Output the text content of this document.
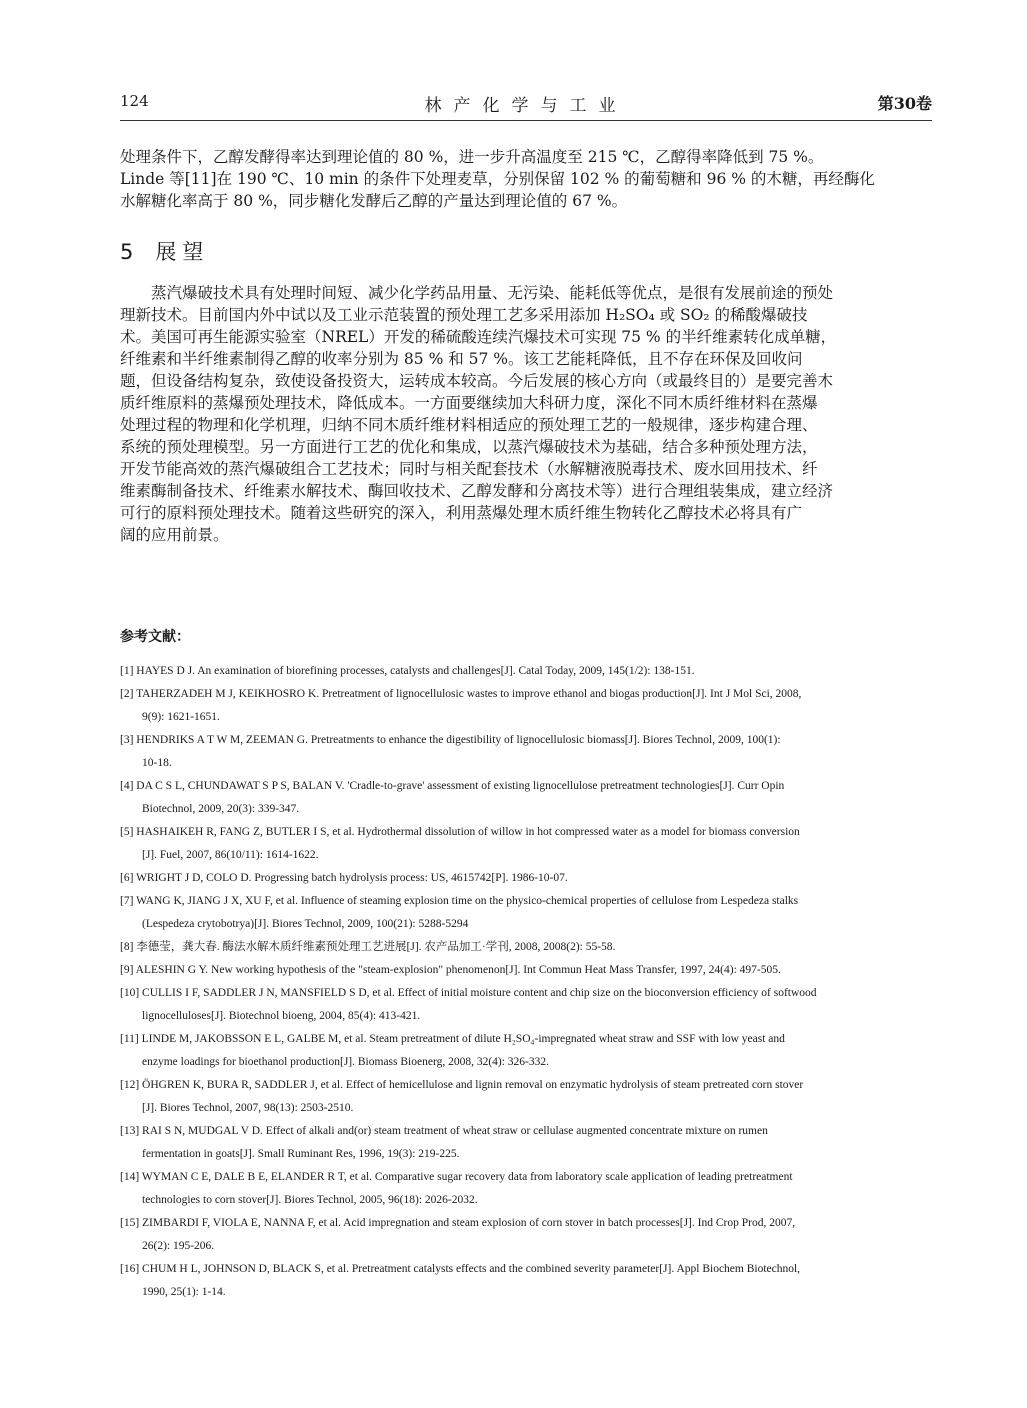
124	林产化学与工业	第30卷
处理条件下，乙醇发酵得率达到理论值的 80 %，进一步升高温度至 215 ℃，乙醇得率降低到 75 %。
Linde 等[11]在 190 ℃、10 min 的条件下处理麦草，分别保留 102 % 的葡萄糖和 96 % 的木糖，再经酶化
水解糖化率高于 80 %，同步糖化发酵后乙醇的产量达到理论值的 67 %。
5 展望
蒸汽爆破技术具有处理时间短、减少化学药品用量、无污染、能耗低等优点，是很有发展前途的预处
理新技术。目前国内外中试以及工业示范装置的预处理工艺多采用添加 H₂SO₄ 或 SO₂ 的稀酸爆破技
术。美国可再生能源实验室（NREL）开发的稀硫酸连续汽爆技术可实现 75 % 的半纤维素转化成单糖，
纤维素和半纤维素制得乙醇的收率分别为 85 % 和 57 %。该工艺能耗降低，且不存在环保及回收问
题，但设备结构复杂，致使设备投资大，运转成本较高。今后发展的核心方向（或最终目的）是要完善木
质纤维原料的蒸爆预处理技术，降低成本。一方面要继续加大科研力度，深化不同木质纤维材料在蒸爆
处理过程的物理和化学机理，归纳不同木质纤维材料相适应的预处理工艺的一般规律，逐步构建合理、
系统的预处理模型。另一方面进行工艺的优化和集成，以蒸汽爆破技术为基础，结合多种预处理方法，
开发节能高效的蒸汽爆破组合工艺技术；同时与相关配套技术（水解糖液脱毒技术、废水回用技术、纤
维素酶制备技术、纤维素水解技术、酶回收技术、乙醇发酵和分离技术等）进行合理组装集成，建立经济
可行的原料预处理技术。随着这些研究的深入，利用蒸爆处理木质纤维生物转化乙醇技术必将具有广
阔的应用前景。
参考文献：
[1] HAYES D J. An examination of biorefining processes, catalysts and challenges[J]. Catal Today, 2009, 145(1/2): 138-151.
[2] TAHERZADEH M J, KEIKHOSRO K. Pretreatment of lignocellulosic wastes to improve ethanol and biogas production[J]. Int J Mol Sci, 2008,
9(9): 1621-1651.
[3] HENDRIKS A T W M, ZEEMAN G. Pretreatments to enhance the digestibility of lignocellulosic biomass[J]. Biores Technol, 2009, 100(1):
10-18.
[4] DA C S L, CHUNDAWAT S P S, BALAN V. 'Cradle-to-grave' assessment of existing lignocellulose pretreatment technologies[J]. Curr Opin
Biotechnol, 2009, 20(3): 339-347.
[5] HASHAIKEH R, FANG Z, BUTLER I S, et al. Hydrothermal dissolution of willow in hot compressed water as a model for biomass conversion
[J]. Fuel, 2007, 86(10/11): 1614-1622.
[6] WRIGHT J D, COLO D. Progressing batch hydrolysis process: US, 4615742[P]. 1986-10-07.
[7] WANG K, JIANG J X, XU F, et al. Influence of steaming explosion time on the physico-chemical properties of cellulose from Lespedeza stalks
(Lespedeza crytobotrya)[J]. Biores Technol, 2009, 100(21): 5288-5294
[8] 李德莹，龚大春. 酶法水解木质纤维素预处理工艺进展[J]. 农产品加工·学刊, 2008, 2008(2): 55-58.
[9] ALESHIN G Y. New working hypothesis of the "steam-explosion" phenomenon[J]. Int Commun Heat Mass Transfer, 1997, 24(4): 497-505.
[10] CULLIS I F, SADDLER J N, MANSFIELD S D, et al. Effect of initial moisture content and chip size on the bioconversion efficiency of softwood
lignocelluloses[J]. Biotechnol bioeng, 2004, 85(4): 413-421.
[11] LINDE M, JAKOBSSON E L, GALBE M, et al. Steam pretreatment of dilute H₂SO₄-impregnated wheat straw and SSF with low yeast and
enzyme loadings for bioethanol production[J]. Biomass Bioenerg, 2008, 32(4): 326-332.
[12] ÖHGREN K, BURA R, SADDLER J, et al. Effect of hemicellulose and lignin removal on enzymatic hydrolysis of steam pretreated corn stover
[J]. Biores Technol, 2007, 98(13): 2503-2510.
[13] RAI S N, MUDGAL V D. Effect of alkali and(or) steam treatment of wheat straw or cellulase augmented concentrate mixture on rumen
fermentation in goats[J]. Small Ruminant Res, 1996, 19(3): 219-225.
[14] WYMAN C E, DALE B E, ELANDER R T, et al. Comparative sugar recovery data from laboratory scale application of leading pretreatment
technologies to corn stover[J]. Biores Technol, 2005, 96(18): 2026-2032.
[15] ZIMBARDI F, VIOLA E, NANNA F, et al. Acid impregnation and steam explosion of corn stover in batch processes[J]. Ind Crop Prod, 2007,
26(2): 195-206.
[16] CHUM H L, JOHNSON D, BLACK S, et al. Pretreatment catalysts effects and the combined severity parameter[J]. Appl Biochem Biotechnol,
1990, 25(1): 1-14.
